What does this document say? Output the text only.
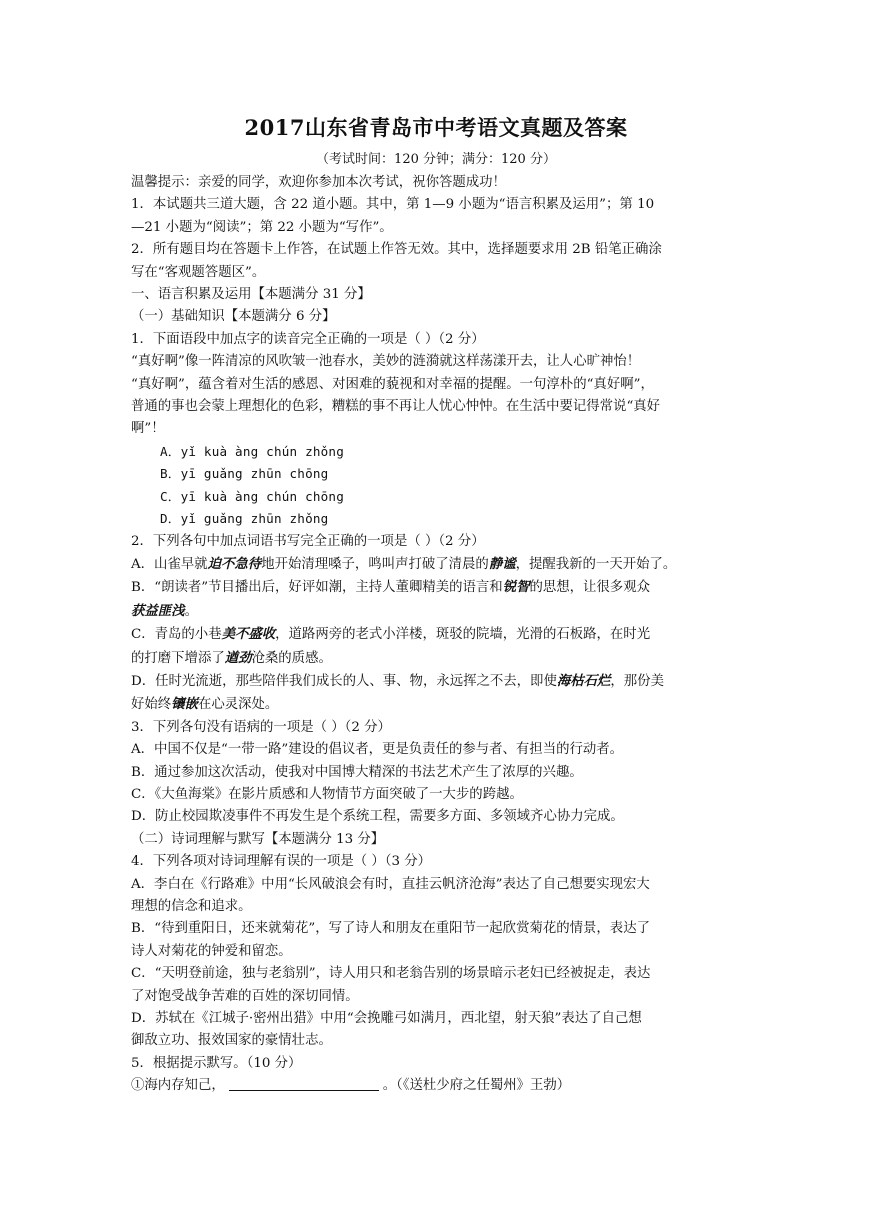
2017山东省青岛市中考语文真题及答案

（考试时间：120 分钟；满分：120 分）

温馨提示：亲爱的同学，欢迎你参加本次考试，祝你答题成功！

1．本试题共三道大题，含 22 道小题。其中，第 1—9 小题为“语言积累及运用”；第 10

—21 小题为“阅读”；第 22 小题为“写作”。

2．所有题目均在答题卡上作答，在试题上作答无效。其中，选择题要求用 2B 铅笔正确涂

写在“客观题答题区”。

一、语言积累及运用【本题满分 31 分】

（一）基础知识【本题满分 6 分】

1．下面语段中加点字的读音完全正确的一项是（ ）（2 分）

“真好啊”像一阵清凉的风吹皱一池春水，美妙的涟漪就这样荡漾开去，让人心旷神怡！

“真好啊”，蕴含着对生活的感恩、对困难的藐视和对幸福的提醒。一句淳朴的“真好啊”，

普通的事也会蒙上理想化的色彩，糟糕的事不再让人忧心忡忡。在生活中要记得常说“真好

啊”！

A．yǐ kuà àng chún zhǒng

B．yī guǎng zhūn chōng

C．yī kuà àng chún chōng

D．yǐ guǎng zhūn zhǒng

2．下列各句中加点词语书写完全正确的一项是（ ）（2 分）

A．山雀早就迫不急待地开始清理嗓子，鸣叫声打破了清晨的静谧，提醒我新的一天开始了。

B．“朗读者”节目播出后，好评如潮，主持人董卿精美的语言和锐智的思想，让很多观众

获益匪浅。

C．青岛的小巷美不盛收，道路两旁的老式小洋楼，斑驳的院墙，光滑的石板路，在时光

的打磨下增添了遒劲沧桑的质感。

D．任时光流逝，那些陪伴我们成长的人、事、物，永远挥之不去，即使海枯石烂，那份美

好始终镶嵌在心灵深处。

3．下列各句没有语病的一项是（ ）（2 分）

A．中国不仅是“一带一路”建设的倡议者，更是负责任的参与者、有担当的行动者。

B．通过参加这次活动，使我对中国博大精深的书法艺术产生了浓厚的兴趣。

C．《大鱼海棠》在影片质感和人物情节方面突破了一大步的跨越。

D．防止校园欺凌事件不再发生是个系统工程，需要多方面、多领域齐心协力完成。

（二）诗词理解与默写【本题满分 13 分】

4．下列各项对诗词理解有误的一项是（ ）（3 分）

A．李白在《行路难》中用“长风破浪会有时，直挂云帆济沧海”表达了自己想要实现宏大

理想的信念和追求。

B．“待到重阳日，还来就菊花”，写了诗人和朋友在重阳节一起欣赏菊花的情景，表达了

诗人对菊花的钟爱和留恋。

C．“天明登前途，独与老翁别”，诗人用只和老翁告别的场景暗示老妇已经被捉走，表达

了对饱受战争苦难的百姓的深切同情。

D．苏轼在《江城子·密州出猎》中用“会挽雕弓如满月，西北望，射天狼”表达了自己想

御敌立功、报效国家的豪情壮志。

5．根据提示默写。（10 分）

①海内存知己，	。（《送杜少府之任蜀州》王勃）
